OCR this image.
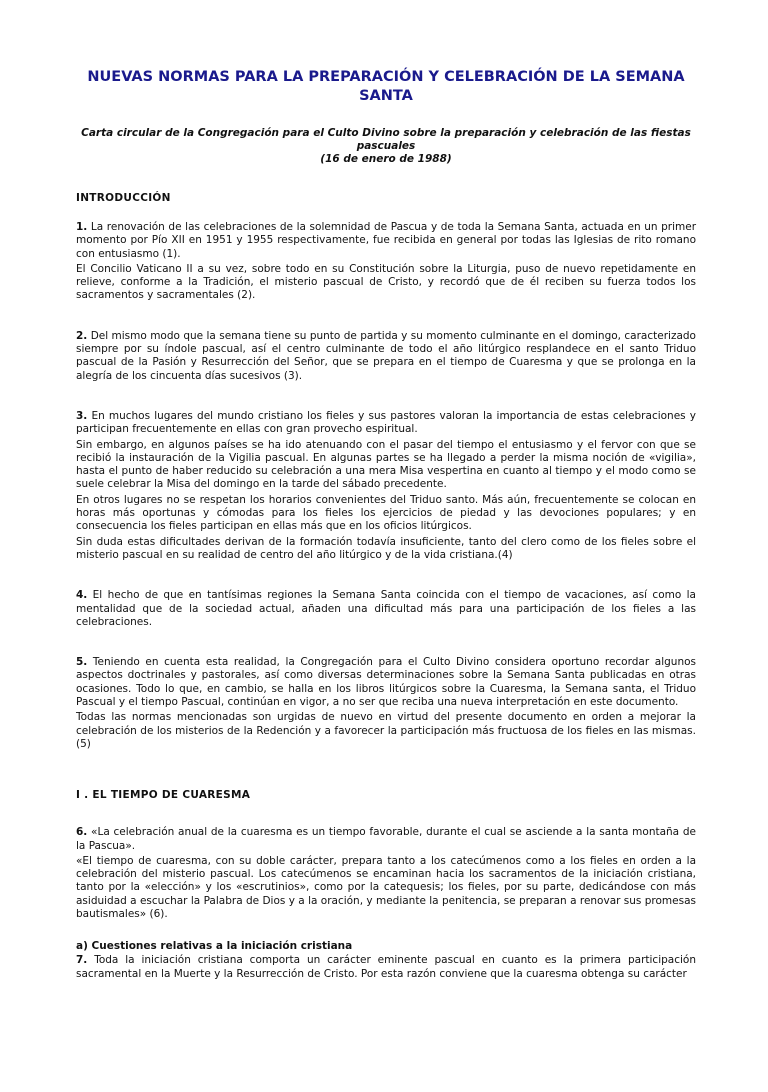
NUEVAS NORMAS PARA LA PREPARACIÓN Y CELEBRACIÓN DE LA SEMANA SANTA
Carta circular de la Congregación para el Culto Divino sobre la preparación y celebración de las fiestas pascuales
(16 de enero de 1988)
INTRODUCCIÓN

1. La renovación de las celebraciones de la solemnidad de Pascua y de toda la Semana Santa, actuada en un primer momento por Pío XII en 1951 y 1955 respectivamente, fue recibida en general por todas las Iglesias de rito romano con entusiasmo (1).

El Concilio Vaticano II a su vez, sobre todo en su Constitución sobre la Liturgia, puso de nuevo repetidamente en relieve, conforme a la Tradición, el misterio pascual de Cristo, y recordó que de él reciben su fuerza todos los sacramentos y sacramentales (2).

2. Del mismo modo que la semana tiene su punto de partida y su momento culminante en el domingo, caracterizado siempre por su índole pascual, así el centro culminante de todo el año litúrgico resplandece en el santo Triduo pascual de la Pasión y Resurrección del Señor, que se prepara en el tiempo de Cuaresma y que se prolonga en la alegría de los cincuenta días sucesivos (3).

3. En muchos lugares del mundo cristiano los fieles y sus pastores valoran la importancia de estas celebraciones y participan frecuentemente en ellas con gran provecho espiritual.

Sin embargo, en algunos países se ha ido atenuando con el pasar del tiempo el entusiasmo y el fervor con que se recibió la instauración de la Vigilia pascual. En algunas partes se ha llegado a perder la misma noción de «vigilia», hasta el punto de haber reducido su celebración a una mera Misa vespertina en cuanto al tiempo y el modo como se suele celebrar la Misa del domingo en la tarde del sábado precedente.

En otros lugares no se respetan los horarios convenientes del Triduo santo. Más aún, frecuentemente se colocan en horas más oportunas y cómodas para los fieles los ejercicios de piedad y las devociones populares; y en consecuencia los fieles participan en ellas más que en los oficios litúrgicos.

Sin duda estas dificultades derivan de la formación todavía insuficiente, tanto del clero como de los fieles sobre el misterio pascual en su realidad de centro del año litúrgico y de la vida cristiana.(4)

4. El hecho de que en tantísimas regiones la Semana Santa coincida con el tiempo de vacaciones, así como la mentalidad que de la sociedad actual, añaden una dificultad más para una participación de los fieles a las celebraciones.

5. Teniendo en cuenta esta realidad, la Congregación para el Culto Divino considera oportuno recordar algunos aspectos doctrinales y pastorales, así como diversas determinaciones sobre la Semana Santa publicadas en otras ocasiones. Todo lo que, en cambio, se halla en los libros litúrgicos sobre la Cuaresma, la Semana santa, el Triduo Pascual y el tiempo Pascual, continúan en vigor, a no ser que reciba una nueva interpretación en este documento.

Todas las normas mencionadas son urgidas de nuevo en virtud del presente documento en orden a mejorar la celebración de los misterios de la Redención y a favorecer la participación más fructuosa de los fieles en las mismas.(5)

I . EL TIEMPO DE CUARESMA

6. «La celebración anual de la cuaresma es un tiempo favorable, durante el cual se asciende a la santa montaña de la Pascua».

«El tiempo de cuaresma, con su doble carácter, prepara tanto a los catecúmenos como a los fieles en orden a la celebración del misterio pascual. Los catecúmenos se encaminan hacia los sacramentos de la iniciación cristiana, tanto por la «elección» y los «escrutinios», como por la catequesis; los fieles, por su parte, dedicándose con más asiduidad a escuchar la Palabra de Dios y a la oración, y mediante la penitencia, se preparan a renovar sus promesas bautismales» (6).

a) Cuestiones relativas a la iniciación cristiana

7. Toda la iniciación cristiana comporta un carácter eminente pascual en cuanto es la primera participación sacramental en la Muerte y la Resurrección de Cristo. Por esta razón conviene que la cuaresma obtenga su carácter
